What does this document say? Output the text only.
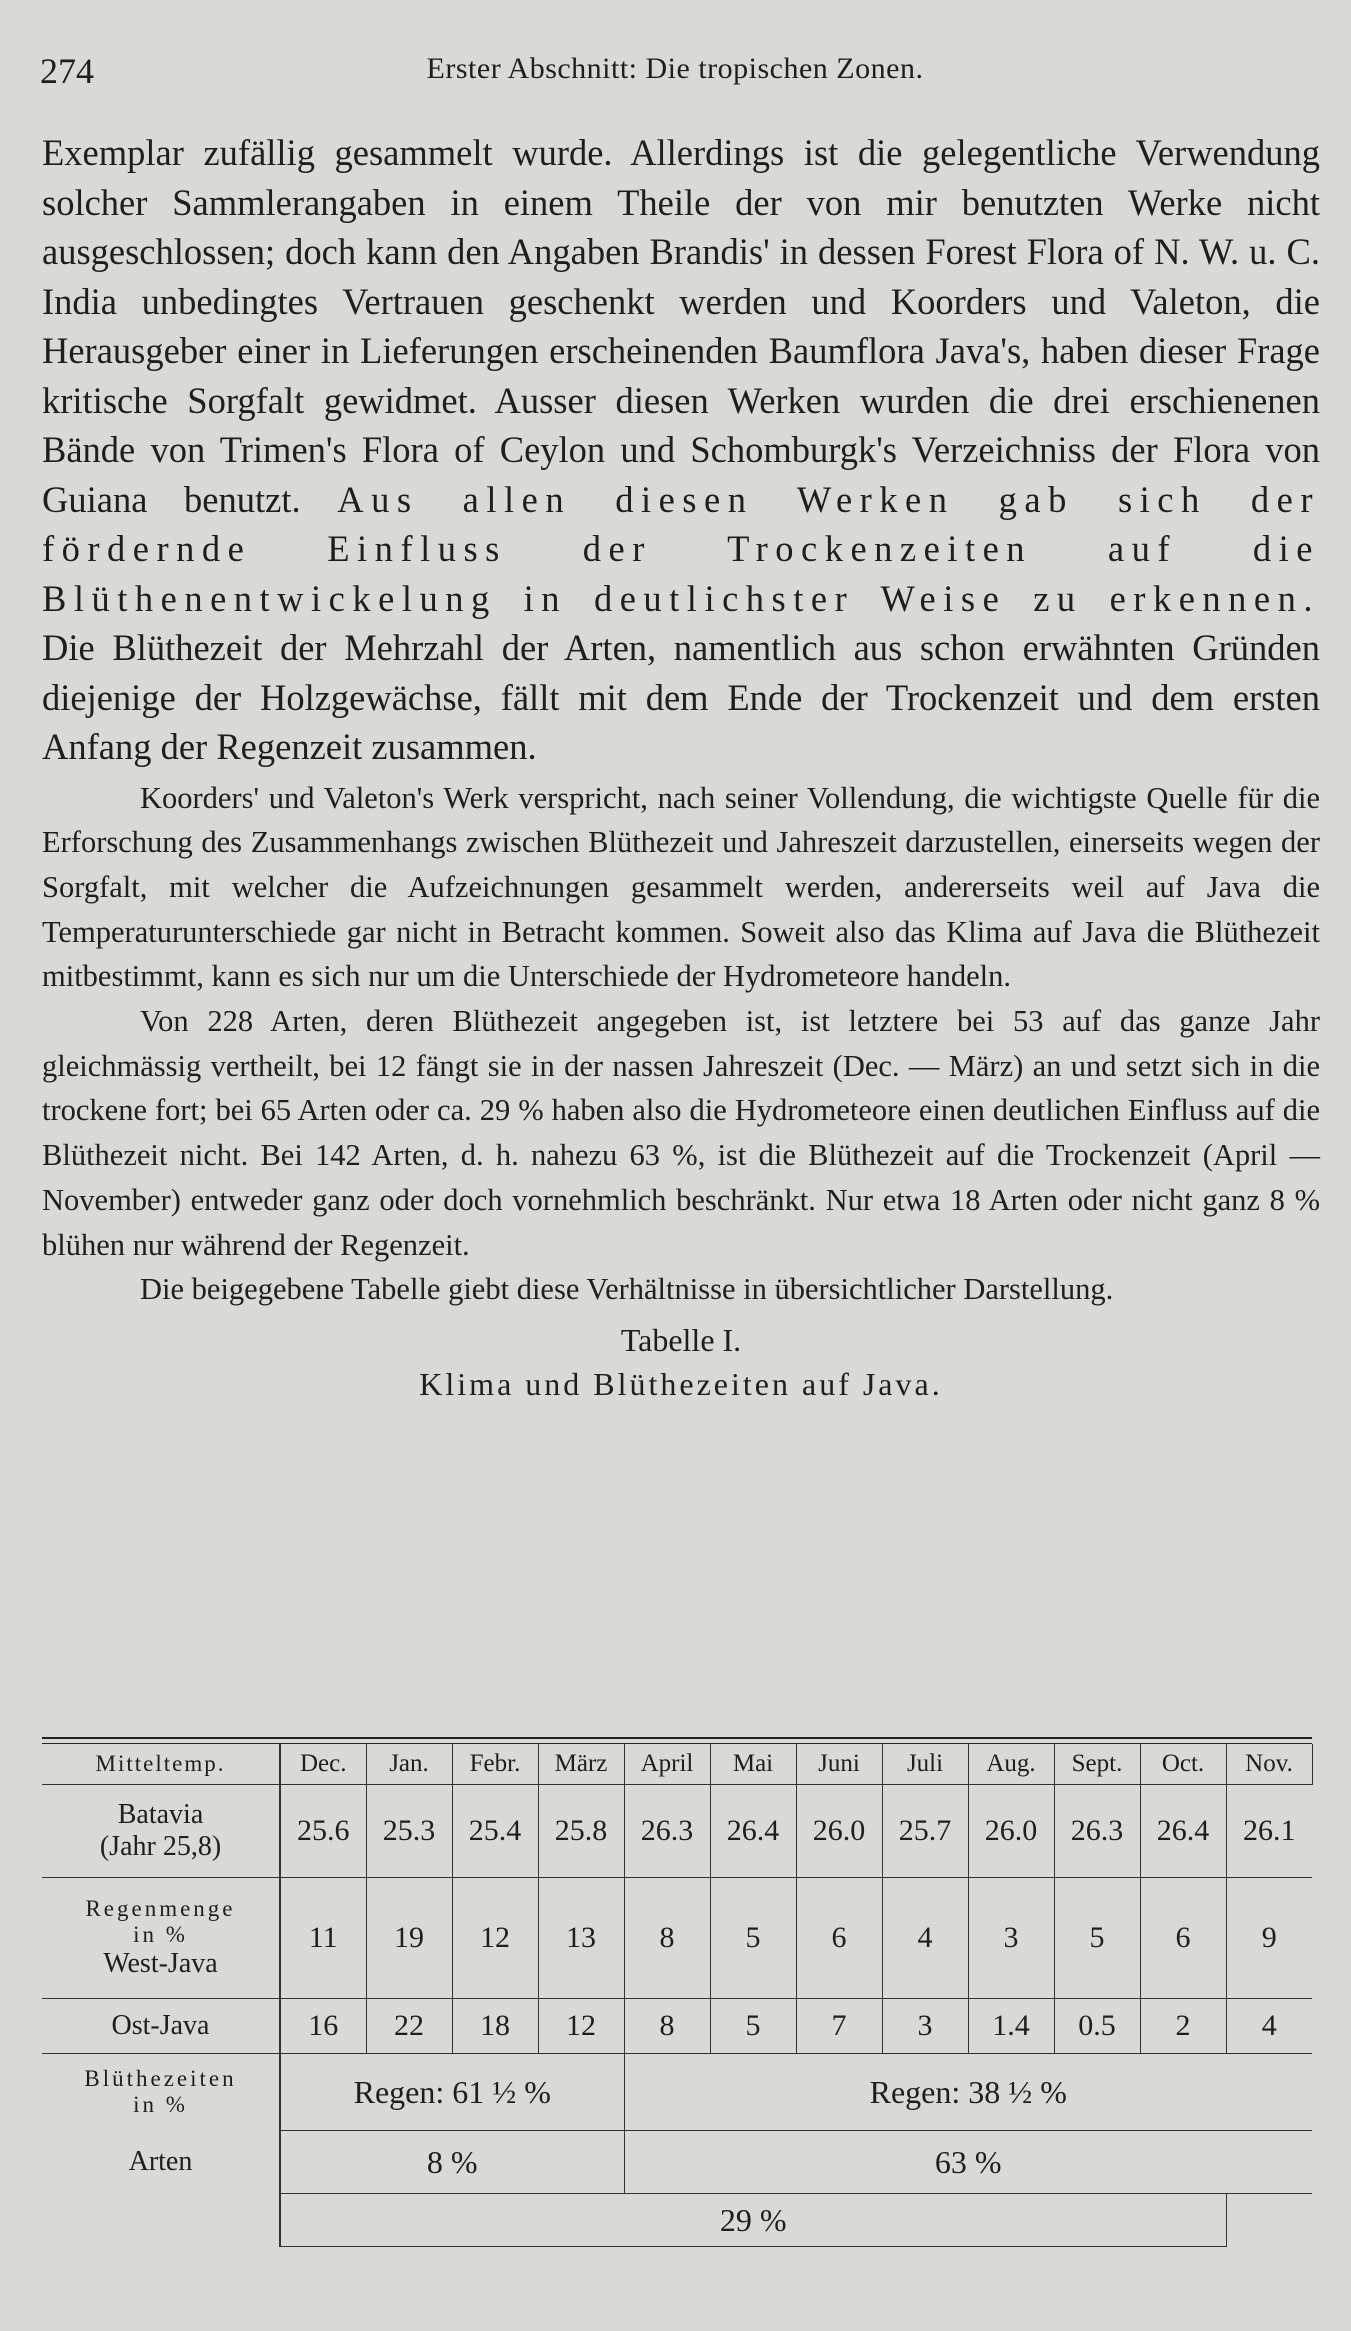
274	Erster Abschnitt: Die tropischen Zonen.

Exemplar zufällig gesammelt wurde. Allerdings ist die gelegentliche Verwendung solcher Sammlerangaben in einem Theile der von mir benutzten Werke nicht ausgeschlossen; doch kann den Angaben Brandis' in dessen Forest Flora of N. W. u. C. India unbedingtes Vertrauen geschenkt werden und Koorders und Valeton, die Herausgeber einer in Lieferungen erscheinenden Baumflora Java's, haben dieser Frage kritische Sorgfalt gewidmet. Ausser diesen Werken wurden die drei erschienenen Bände von Trimen's Flora of Ceylon und Schomburgk's Verzeichniss der Flora von Guiana benutzt. Aus allen diesen Werken gab sich der fördernde Einfluss der Trockenzeiten auf die Blüthenentwickelung in deutlichster Weise zu erkennen. Die Blüthezeit der Mehrzahl der Arten, namentlich aus schon erwähnten Gründen diejenige der Holzgewächse, fällt mit dem Ende der Trockenzeit und dem ersten Anfang der Regenzeit zusammen.

Koorders' und Valeton's Werk verspricht, nach seiner Vollendung, die wichtigste Quelle für die Erforschung des Zusammenhangs zwischen Blüthezeit und Jahreszeit darzustellen, einerseits wegen der Sorgfalt, mit welcher die Aufzeichnungen gesammelt werden, andererseits weil auf Java die Temperaturunterschiede gar nicht in Betracht kommen. Soweit also das Klima auf Java die Blüthezeit mitbestimmt, kann es sich nur um die Unterschiede der Hydrometeore handeln.

Von 228 Arten, deren Blüthezeit angegeben ist, ist letztere bei 53 auf das ganze Jahr gleichmässig vertheilt, bei 12 fängt sie in der nassen Jahreszeit (Dec. — März) an und setzt sich in die trockene fort; bei 65 Arten oder ca. 29 % haben also die Hydrometeore einen deutlichen Einfluss auf die Blüthezeit nicht. Bei 142 Arten, d. h. nahezu 63 %, ist die Blüthezeit auf die Trockenzeit (April — November) entweder ganz oder doch vornehmlich beschränkt. Nur etwa 18 Arten oder nicht ganz 8 % blühen nur während der Regenzeit.

Die beigegebene Tabelle giebt diese Verhältnisse in übersichtlicher Darstellung.

Tabelle I.
Klima und Blüthezeiten auf Java.
Mitteltemp.	Dec.	Jan.	Febr.	März	April	Mai	Juni	Juli	Aug.	Sept.	Oct.	Nov.

Batavia
(Jahr 25,8)	25.6	25.3	25.4	25.8	26.3	26.4	26.0	25.7	26.0	26.3	26.4	26.1

Regenmenge
in %
West-Java	11	19	12	13	8	5	6	4	3	5	6	9
Ost-Java	16	22	18	12	8	5	7	3	1.4	0.5	2	4

Blüthezeiten
in %	Regen: 61 ½ %				Regen: 38 ½ %							
Arten	8 %				63 %							
	29 %											
